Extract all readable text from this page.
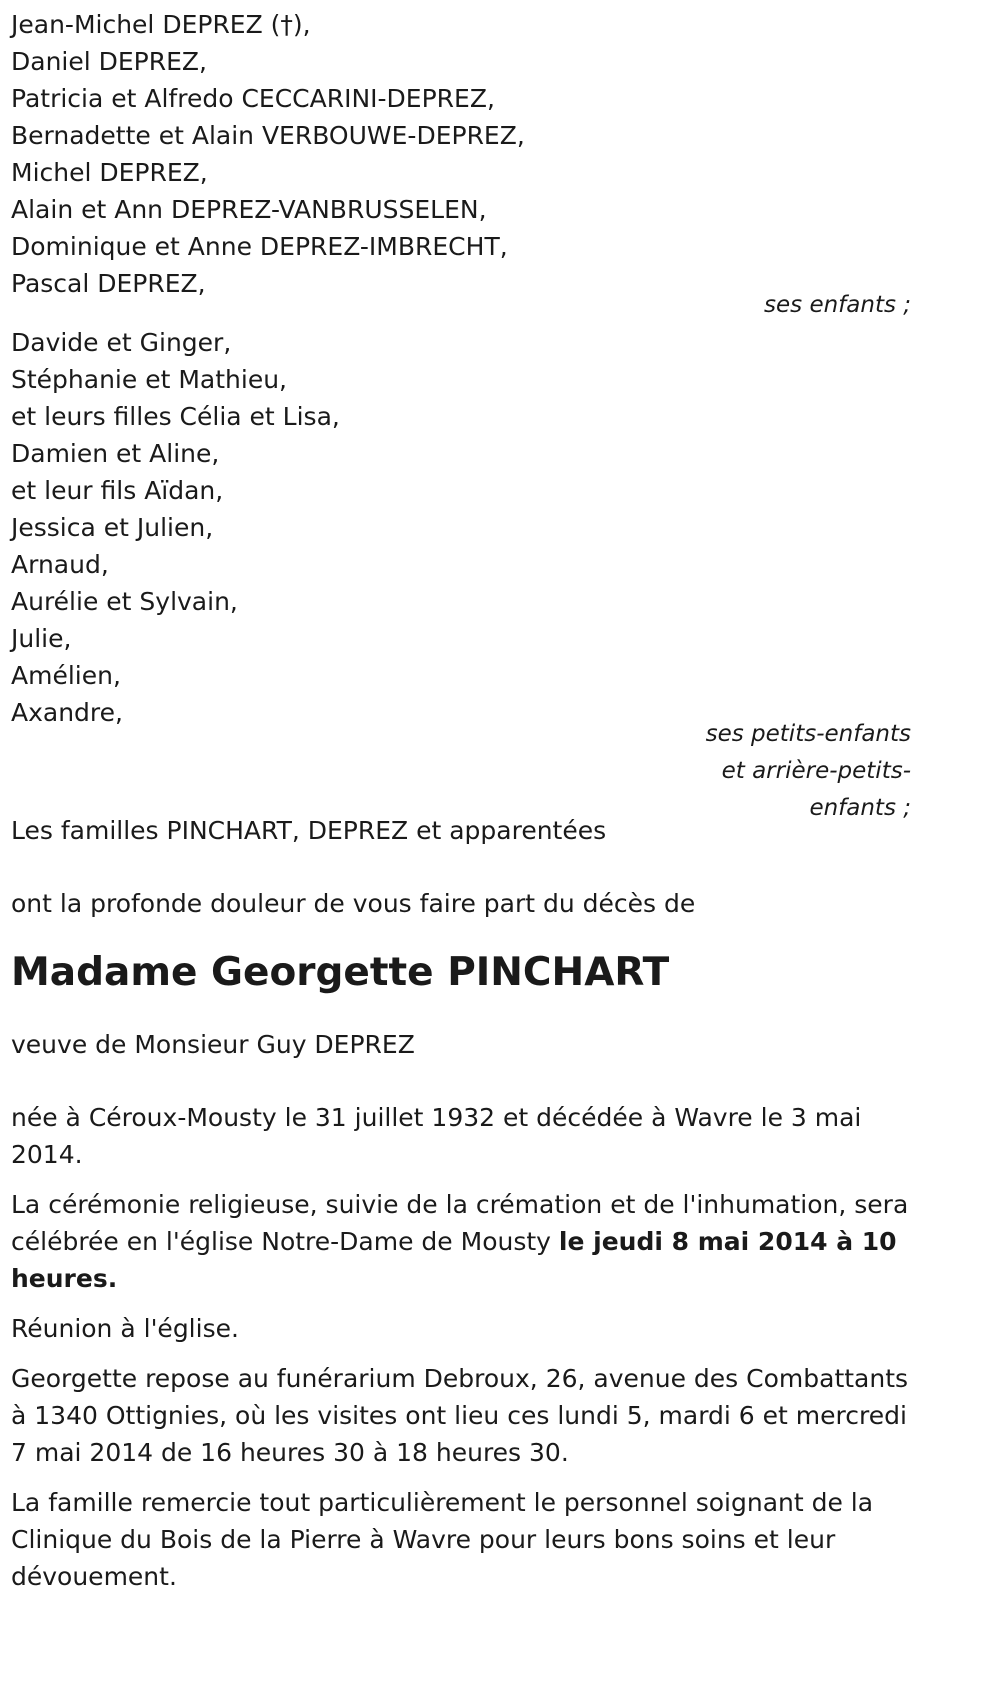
Jean-Michel DEPREZ (†),
Daniel DEPREZ,
Patricia et Alfredo CECCARINI-DEPREZ,
Bernadette et Alain VERBOUWE-DEPREZ,
Michel DEPREZ,
Alain et Ann DEPREZ-VANBRUSSELEN,
Dominique et Anne DEPREZ-IMBRECHT,
Pascal DEPREZ,
ses enfants ;
Davide et Ginger,
Stéphanie et Mathieu,
et leurs filles Célia et Lisa,
Damien et Aline,
et leur fils Aïdan,
Jessica et Julien,
Arnaud,
Aurélie et Sylvain,
Julie,
Amélien,
Axandre,
ses petits-enfants
et arrière-petits-
enfants ;
Les familles PINCHART, DEPREZ et apparentées
ont la profonde douleur de vous faire part du décès de
Madame Georgette PINCHART
veuve de Monsieur Guy DEPREZ
née à Céroux-Mousty le 31 juillet 1932 et décédée à Wavre le 3 mai 2014.
La cérémonie religieuse, suivie de la crémation et de l'inhumation, sera célébrée en l'église Notre-Dame de Mousty le jeudi 8 mai 2014 à 10 heures.
Réunion à l'église.
Georgette repose au funérarium Debroux, 26, avenue des Combattants à 1340 Ottignies, où les visites ont lieu ces lundi 5, mardi 6 et mercredi 7 mai 2014 de 16 heures 30 à 18 heures 30.
La famille remercie tout particulièrement le personnel soignant de la Clinique du Bois de la Pierre à Wavre pour leurs bons soins et leur dévouement.
